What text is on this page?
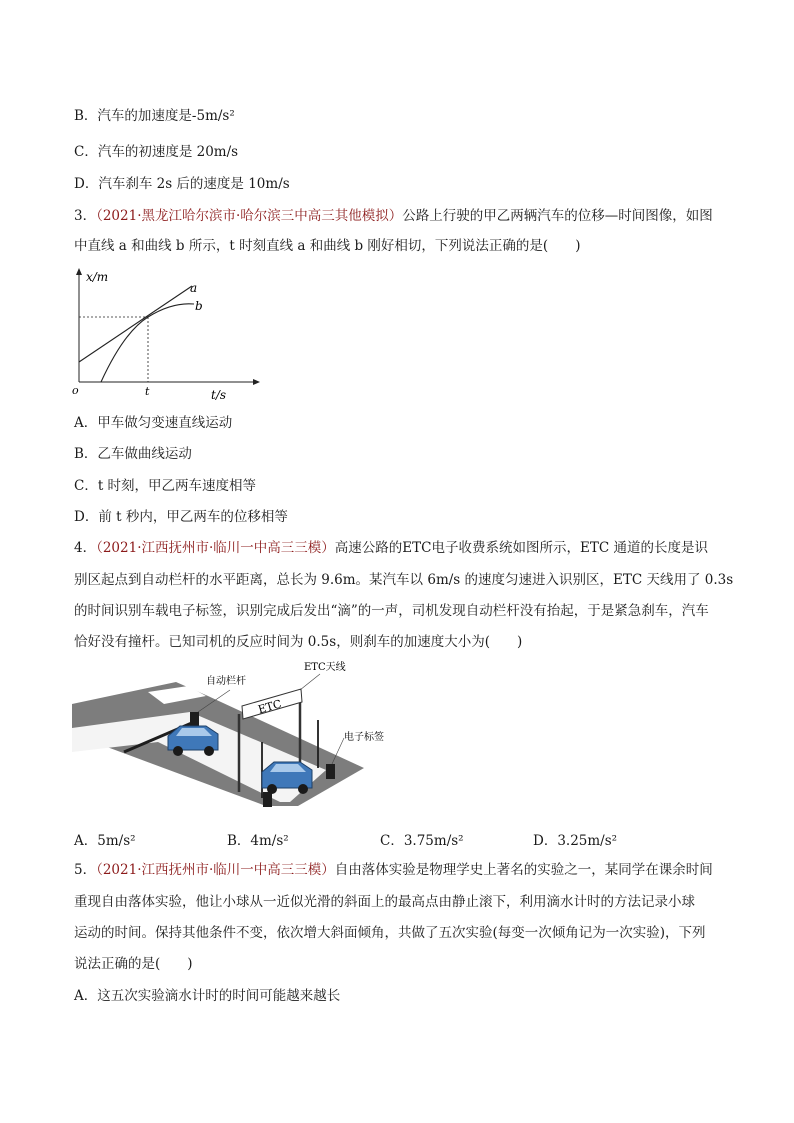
B．汽车的加速度是-5m/s²
C．汽车的初速度是 20m/s
D．汽车刹车 2s 后的速度是 10m/s
3．（2021·黑龙江哈尔滨市·哈尔滨三中高三其他模拟）公路上行驶的甲乙两辆汽车的位移—时间图像，如图
中直线 a 和曲线 b 所示，t 时刻直线 a 和曲线 b 刚好相切，下列说法正确的是(　　)
x/m
t/s
o	t
a
b
A．甲车做匀变速直线运动
B．乙车做曲线运动
C．t 时刻，甲乙两车速度相等
D．前 t 秒内，甲乙两车的位移相等
4．（2021·江西抚州市·临川一中高三三模）高速公路的ETC电子收费系统如图所示，ETC 通道的长度是识
别区起点到自动栏杆的水平距离，总长为 9.6m。某汽车以 6m/s 的速度匀速进入识别区，ETC 天线用了 0.3s
的时间识别车载电子标签，识别完成后发出“滴”的一声，司机发现自动栏杆没有抬起，于是紧急刹车，汽车
恰好没有撞杆。已知司机的反应时间为 0.5s，则刹车的加速度大小为(　　)
ETC
自动栏杆
ETC天线
电子标签
A．5m/s²	B．4m/s²	C．3.75m/s²	D．3.25m/s²
5．（2021·江西抚州市·临川一中高三三模）自由落体实验是物理学史上著名的实验之一，某同学在课余时间
重现自由落体实验，他让小球从一近似光滑的斜面上的最高点由静止滚下，利用滴水计时的方法记录小球
运动的时间。保持其他条件不变，依次增大斜面倾角，共做了五次实验(每变一次倾角记为一次实验)，下列
说法正确的是(　　)
A．这五次实验滴水计时的时间可能越来越长
